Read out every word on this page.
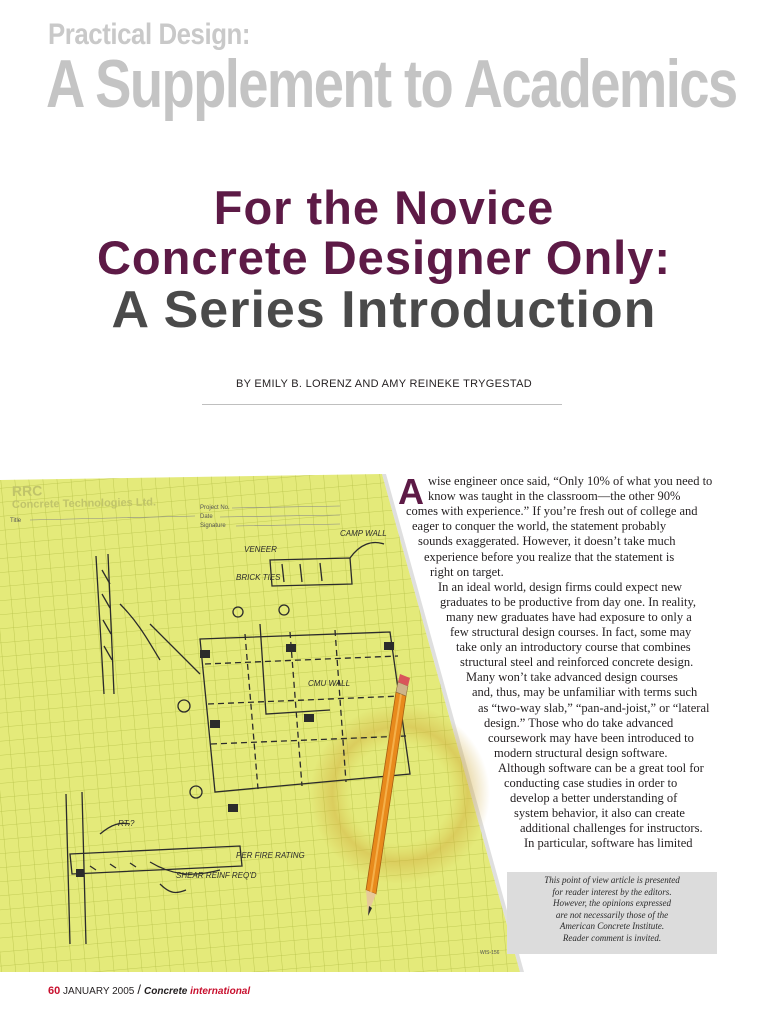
Practical Design:
A Supplement to Academics
For the Novice
Concrete Designer Only:
A Series Introduction
BY EMILY B. LORENZ AND AMY REINEKE TRYGESTAD
RRC
Concrete Technologies Ltd.	Project No.
Title
Date
Signature
VENEER
CAMP WALL
BRICK TIES
CMU WALL
RT.?
PER FIRE RATING
SHEAR REINF REQ'D
WIS-156
A wise engineer once said, “Only 10% of what you need to
know was taught in the classroom—the other 90%
comes with experience.” If you’re fresh out of college and
eager to conquer the world, the statement probably
sounds exaggerated. However, it doesn’t take much
experience before you realize that the statement is
right on target.
In an ideal world, design firms could expect new
graduates to be productive from day one. In reality,
many new graduates have had exposure to only a
few structural design courses. In fact, some may
take only an introductory course that combines
structural steel and reinforced concrete design.
Many won’t take advanced design courses
and, thus, may be unfamiliar with terms such
as “two-way slab,” “pan-and-joist,” or “lateral
design.” Those who do take advanced
coursework may have been introduced to
modern structural design software.
Although software can be a great tool for
conducting case studies in order to
develop a better understanding of
system behavior, it also can create
additional challenges for instructors.
In particular, software has limited
This point of view article is presented
for reader interest by the editors.
However, the opinions expressed
are not necessarily those of the
American Concrete Institute.
Reader comment is invited.
60 JANUARY 2005 / Concrete international
